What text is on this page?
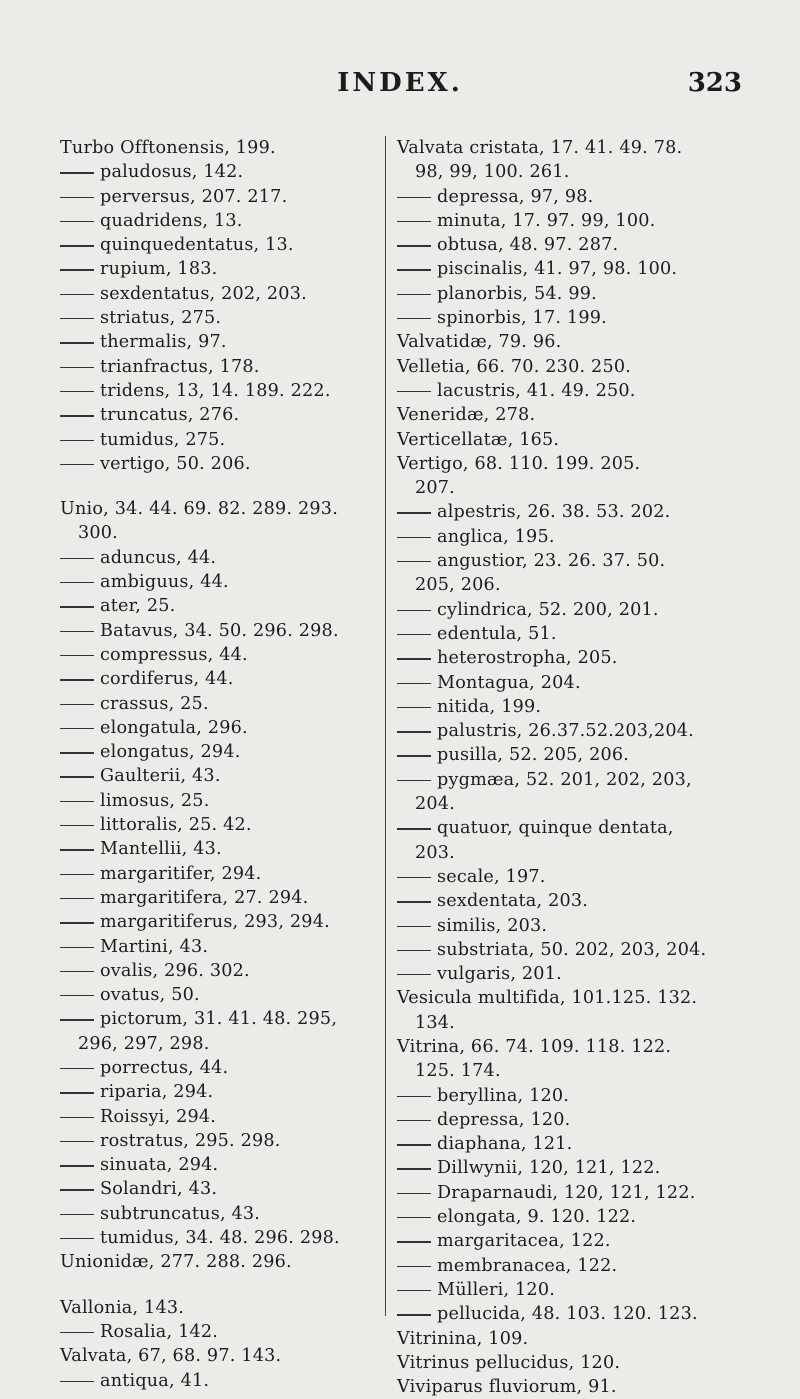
INDEX.	323
Turbo Offtonensis, 199.
paludosus, 142.
perversus, 207. 217.
quadridens, 13.
quinquedentatus, 13.
rupium, 183.
sexdentatus, 202, 203.
striatus, 275.
thermalis, 97.
trianfractus, 178.
tridens, 13, 14. 189. 222.
truncatus, 276.
tumidus, 275.
vertigo, 50. 206.
Unio, 34. 44. 69. 82. 289. 293.
300.
aduncus, 44.
ambiguus, 44.
ater, 25.
Batavus, 34. 50. 296. 298.
compressus, 44.
cordiferus, 44.
crassus, 25.
elongatula, 296.
elongatus, 294.
Gaulterii, 43.
limosus, 25.
littoralis, 25. 42.
Mantellii, 43.
margaritifer, 294.
margaritifera, 27. 294.
margaritiferus, 293, 294.
Martini, 43.
ovalis, 296. 302.
ovatus, 50.
pictorum, 31. 41. 48. 295,
296, 297, 298.
porrectus, 44.
riparia, 294.
Roissyi, 294.
rostratus, 295. 298.
sinuata, 294.
Solandri, 43.
subtruncatus, 43.
tumidus, 34. 48. 296. 298.
Unionidæ, 277. 288. 296.
Vallonia, 143.
Rosalia, 142.
Valvata, 67, 68. 97. 143.
antiqua, 41.
Valvata cristata, 17. 41. 49. 78.
98, 99, 100. 261.
depressa, 97, 98.
minuta, 17. 97. 99, 100.
obtusa, 48. 97. 287.
piscinalis, 41. 97, 98. 100.
planorbis, 54. 99.
spinorbis, 17. 199.
Valvatidæ, 79. 96.
Velletia, 66. 70. 230. 250.
lacustris, 41. 49. 250.
Veneridæ, 278.
Verticellatæ, 165.
Vertigo, 68. 110. 199. 205.
207.
alpestris, 26. 38. 53. 202.
anglica, 195.
angustior, 23. 26. 37. 50.
205, 206.
cylindrica, 52. 200, 201.
edentula, 51.
heterostropha, 205.
Montagua, 204.
nitida, 199.
palustris, 26.37.52.203,204.
pusilla, 52. 205, 206.
pygmæa, 52. 201, 202, 203,
204.
quatuor, quinque dentata,
203.
secale, 197.
sexdentata, 203.
similis, 203.
substriata, 50. 202, 203, 204.
vulgaris, 201.
Vesicula multifida, 101.125. 132.
134.
Vitrina, 66. 74. 109. 118. 122.
125. 174.
beryllina, 120.
depressa, 120.
diaphana, 121.
Dillwynii, 120, 121, 122.
Draparnaudi, 120, 121, 122.
elongata, 9. 120. 122.
margaritacea, 122.
membranacea, 122.
Mülleri, 120.
pellucida, 48. 103. 120. 123.
Vitrinina, 109.
Vitrinus pellucidus, 120.
Viviparus fluviorum, 91.
